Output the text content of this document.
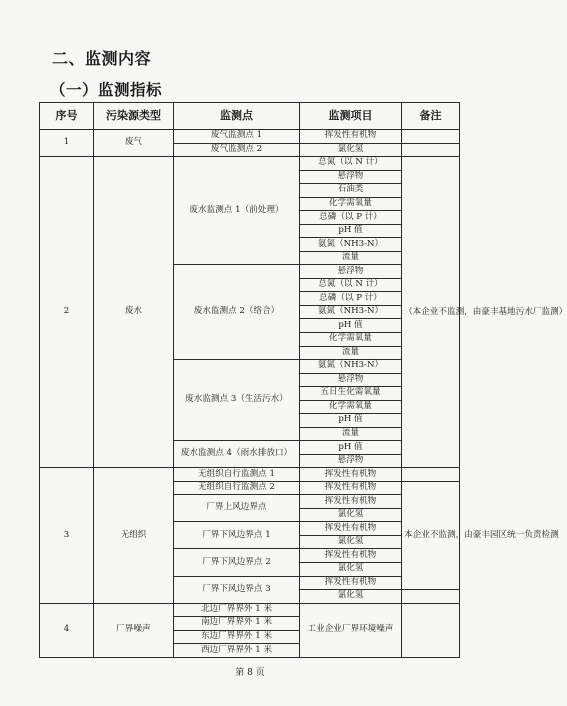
二、监测内容
（一）监测指标
序号	污染源类型	监测点	监测项目	备注
1	废气	废气监测点 1	挥发性有机物	
		废气监测点 2	氯化氢	
2	废水	废水监测点 1（前处理）	总氮（以 N 计）	（本企业不监测，由豪丰基地污水厂监测）
			悬浮物	
			石油类	
			化学需氧量	
			总磷（以 P 计）	
			pH 值	
			氨氮（NH3-N）	
			流量	
		废水监测点 2（络合）	悬浮物	
			总氮（以 N 计）	
			总磷（以 P 计）	
			氨氮（NH3-N）	
			pH 值	
			化学需氧量	
			流量	
		废水监测点 3（生活污水）	氨氮（NH3-N）	
			悬浮物	
			五日生化需氧量	
			化学需氧量	
			pH 值	
			流量	
		废水监测点 4（雨水排放口）	pH 值	
			悬浮物	
3	无组织	无组织自行监测点 1	挥发性有机物	
		无组织自行监测点 2	挥发性有机物	本企业不监测，由豪丰园区统一负责检测
		厂界上风边界点	挥发性有机物	
			氯化氢	
		厂界下风边界点 1	挥发性有机物	
			氯化氢	
		厂界下风边界点 2	挥发性有机物	
			氯化氢	
		厂界下风边界点 3	挥发性有机物	
			氯化氢	
4	厂界噪声	北边厂界界外 1 米	工业企业厂界环境噪声	
		南边厂界界外 1 米		
		东边厂界界外 1 米		
		西边厂界界外 1 米		
第 8 页
